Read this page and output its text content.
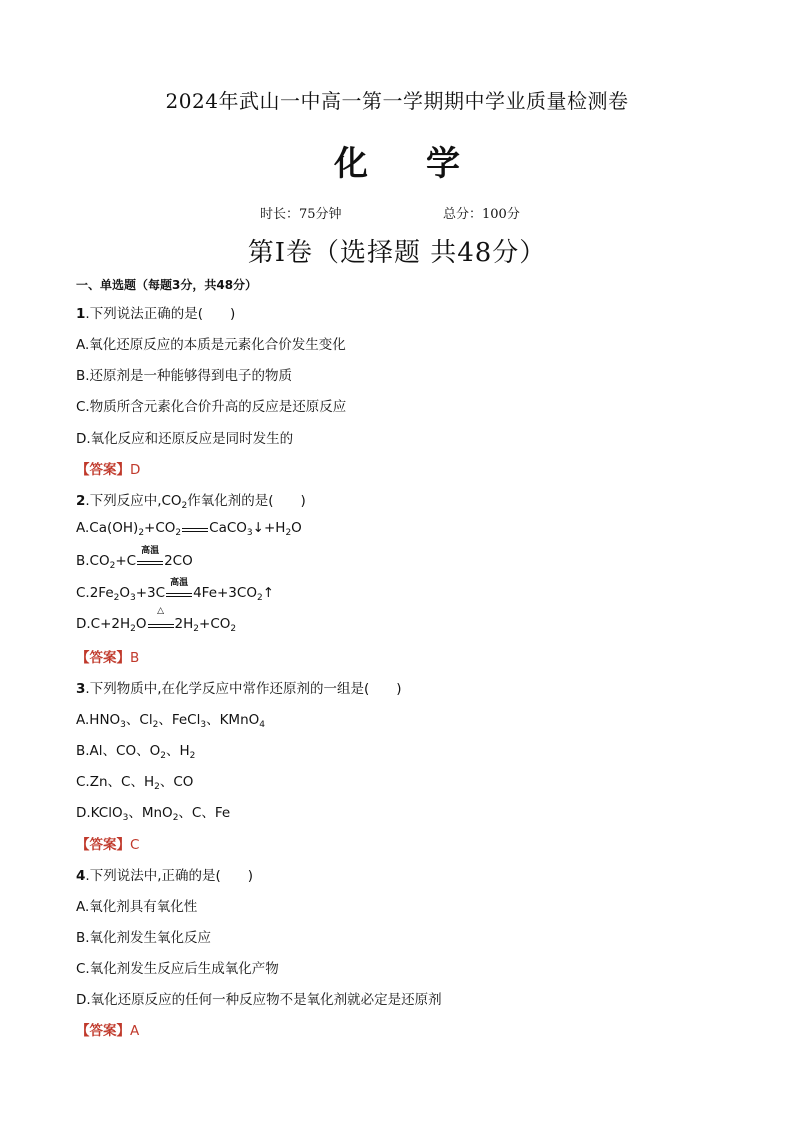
2024年武山一中高一第一学期期中学业质量检测卷
化 学
时长：75分钟	总分：100分
第Ⅰ卷（选择题 共48分）
一、单选题（每题3分，共48分）
1.下列说法正确的是(　　)
A.氧化还原反应的本质是元素化合价发生变化
B.还原剂是一种能够得到电子的物质
C.物质所含元素化合价升高的反应是还原反应
D.氧化反应和还原反应是同时发生的
【答案】D
2.下列反应中$,CO_2$作氧化剂的是(　　)
$A.Ca(OH)_2+CO_2$ $CaCO_3↓+H_2O$
$B.CO_2+C$
高温
2CO
$C.2Fe_2O_3+3C$
高温
$4Fe+3CO_2↑$
$D.C+2H_2O$
△
$2H_2+CO_2$
【答案】B
3.下列物质中,在化学反应中常作还原剂的一组是(　　)
$A.HNO_3$、$Cl_2$、FeCl$_3$、KMnO$_4$
B.Al、CO、$O_2$、$H_2$
C.Zn、C、$H_2$、CO
D.KClO$_3$、MnO$_2$、C、Fe
【答案】C
4.下列说法中,正确的是(　　)
A.氧化剂具有氧化性
B.氧化剂发生氧化反应
C.氧化剂发生反应后生成氧化产物
D.氧化还原反应的任何一种反应物不是氧化剂就必定是还原剂
【答案】A
